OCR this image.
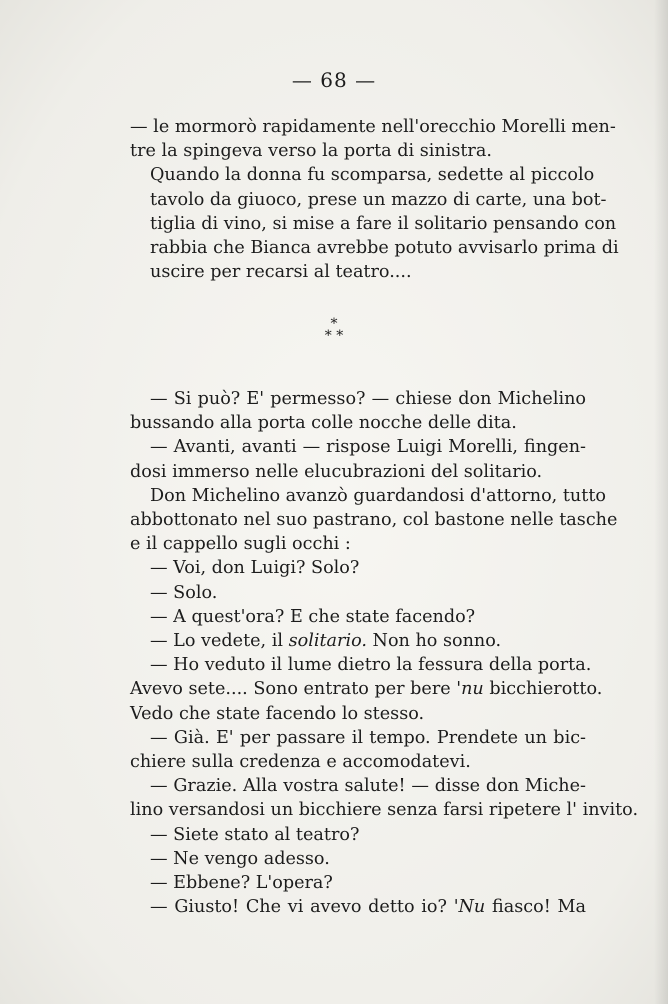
— 68 —

— le mormorò rapidamente nell'orecchio Morelli men-
tre la spingeva verso la porta di sinistra.

Quando la donna fu scomparsa, sedette al piccolo
tavolo da giuoco, prese un mazzo di carte, una bot-
tiglia di vino, si mise a fare il solitario pensando con
rabbia che Bianca avrebbe potuto avvisarlo prima di
uscire per recarsi al teatro....

*
* *

— Si può? E' permesso? — chiese don Michelino
bussando alla porta colle nocche delle dita.

— Avanti, avanti — rispose Luigi Morelli, fingen-
dosi immerso nelle elucubrazioni del solitario.

Don Michelino avanzò guardandosi d'attorno, tutto
abbottonato nel suo pastrano, col bastone nelle tasche
e il cappello sugli occhi :

— Voi, don Luigi? Solo?

— Solo.

— A quest'ora? E che state facendo?

— Lo vedete, il solitario. Non ho sonno.

— Ho veduto il lume dietro la fessura della porta.
Avevo sete.... Sono entrato per bere 'nu bicchierotto.
Vedo che state facendo lo stesso.

— Già. E' per passare il tempo. Prendete un bic-
chiere sulla credenza e accomodatevi.

— Grazie. Alla vostra salute! — disse don Miche-
lino versandosi un bicchiere senza farsi ripetere l' invito.

— Siete stato al teatro?

— Ne vengo adesso.

— Ebbene? L'opera?

— Giusto! Che vi avevo detto io? 'Nu fiasco! Ma
